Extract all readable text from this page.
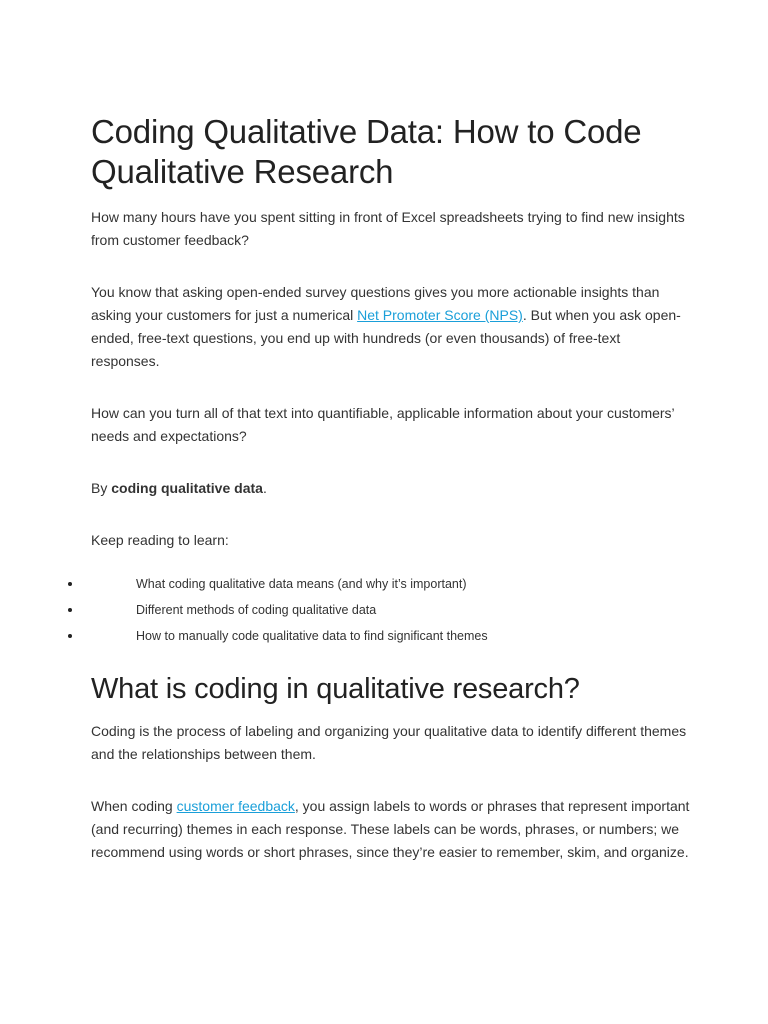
Coding Qualitative Data: How to Code Qualitative Research

How many hours have you spent sitting in front of Excel spreadsheets trying to find new insights from customer feedback?

You know that asking open-ended survey questions gives you more actionable insights than asking your customers for just a numerical Net Promoter Score (NPS). But when you ask open-ended, free-text questions, you end up with hundreds (or even thousands) of free-text responses.

How can you turn all of that text into quantifiable, applicable information about your customers’ needs and expectations?

By coding qualitative data.

Keep reading to learn:

What coding qualitative data means (and why it’s important)
Different methods of coding qualitative data
How to manually code qualitative data to find significant themes
What is coding in qualitative research?

Coding is the process of labeling and organizing your qualitative data to identify different themes and the relationships between them.

When coding customer feedback, you assign labels to words or phrases that represent important (and recurring) themes in each response. These labels can be words, phrases, or numbers; we recommend using words or short phrases, since they’re easier to remember, skim, and organize.
